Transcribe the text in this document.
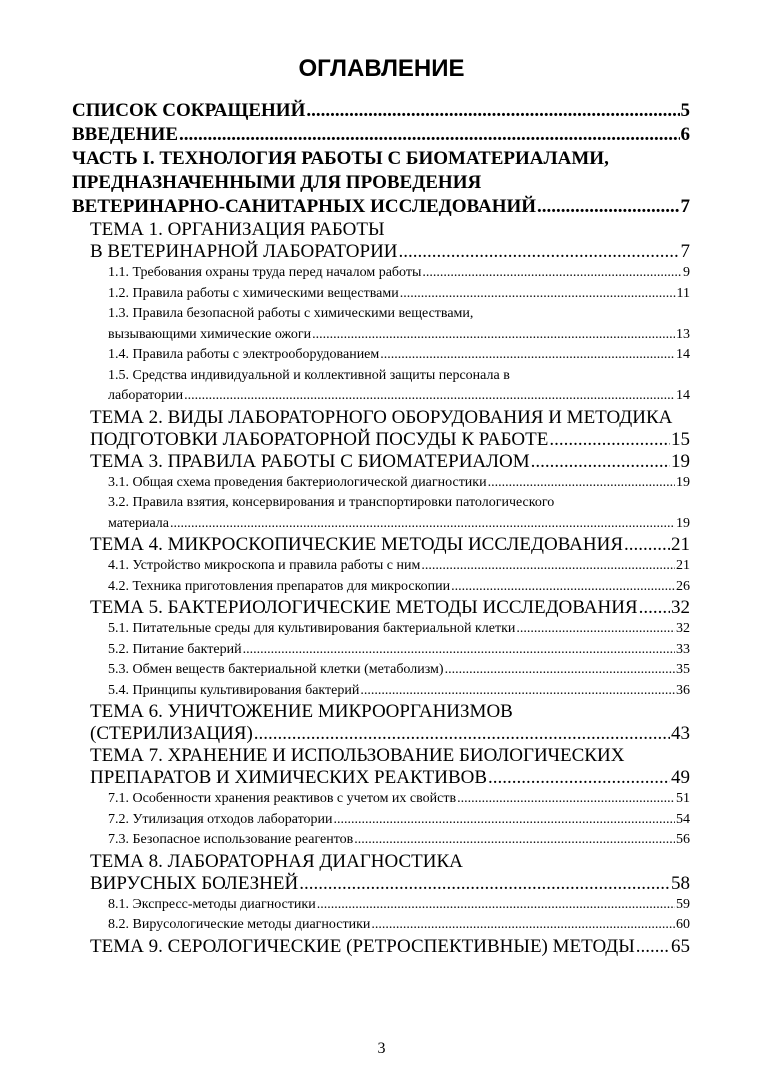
ОГЛАВЛЕНИЕ
СПИСОК СОКРАЩЕНИЙ .....	5
ВВЕДЕНИЕ .....	6
ЧАСТЬ I. ТЕХНОЛОГИЯ РАБОТЫ С БИОМАТЕРИАЛАМИ,
ПРЕДНАЗНАЧЕННЫМИ ДЛЯ ПРОВЕДЕНИЯ
ВЕТЕРИНАРНО-САНИТАРНЫХ ИССЛЕДОВАНИЙ .....	7
ТЕМА 1. ОРГАНИЗАЦИЯ РАБОТЫ
В ВЕТЕРИНАРНОЙ ЛАБОРАТОРИИ .....	7
1.1. Требования охраны труда перед началом работы .....	9
1.2. Правила работы с химическими веществами .....	11
1.3. Правила безопасной работы с химическими веществами,
вызывающими химические ожоги .....	13
1.4. Правила работы с электрооборудованием .....	14
1.5. Средства индивидуальной и коллективной защиты персонала в
лаборатории .....	14
ТЕМА 2. ВИДЫ ЛАБОРАТОРНОГО ОБОРУДОВАНИЯ И МЕТОДИКА
ПОДГОТОВКИ ЛАБОРАТОРНОЙ ПОСУДЫ К РАБОТЕ .....	15
ТЕМА 3. ПРАВИЛА РАБОТЫ С БИОМАТЕРИАЛОМ .....	19
3.1. Общая схема проведения бактериологической диагностики .....	19
3.2. Правила взятия, консервирования и транспортировки патологического
материала .....	19
ТЕМА 4. МИКРОСКОПИЧЕСКИЕ МЕТОДЫ ИССЛЕДОВАНИЯ .....	21
4.1. Устройство микроскопа и правила работы с ним .....	21
4.2. Техника приготовления препаратов для микроскопии .....	26
ТЕМА 5. БАКТЕРИОЛОГИЧЕСКИЕ МЕТОДЫ ИССЛЕДОВАНИЯ ..... 32
5.1. Питательные среды для культивирования бактериальной клетки .....	32
5.2. Питание бактерий .....	33
5.3. Обмен веществ бактериальной клетки (метаболизм) .....	35
5.4. Принципы культивирования бактерий .....	36
ТЕМА 6. УНИЧТОЖЕНИЕ МИКРООРГАНИЗМОВ
(СТЕРИЛИЗАЦИЯ) .....	43
ТЕМА 7. ХРАНЕНИЕ И ИСПОЛЬЗОВАНИЕ БИОЛОГИЧЕСКИХ
ПРЕПАРАТОВ И ХИМИЧЕСКИХ РЕАКТИВОВ .....	49
7.1. Особенности хранения реактивов с учетом их свойств .....	51
7.2. Утилизация отходов лаборатории .....	54
7.3. Безопасное использование реагентов .....	56
ТЕМА 8. ЛАБОРАТОРНАЯ ДИАГНОСТИКА
ВИРУСНЫХ БОЛЕЗНЕЙ .....	58
8.1. Экспресс-методы диагностики .....	59
8.2. Вирусологические методы диагностики .....	60
ТЕМА 9. СЕРОЛОГИЧЕСКИЕ (РЕТРОСПЕКТИВНЫЕ) МЕТОДЫ ..... 65
3
